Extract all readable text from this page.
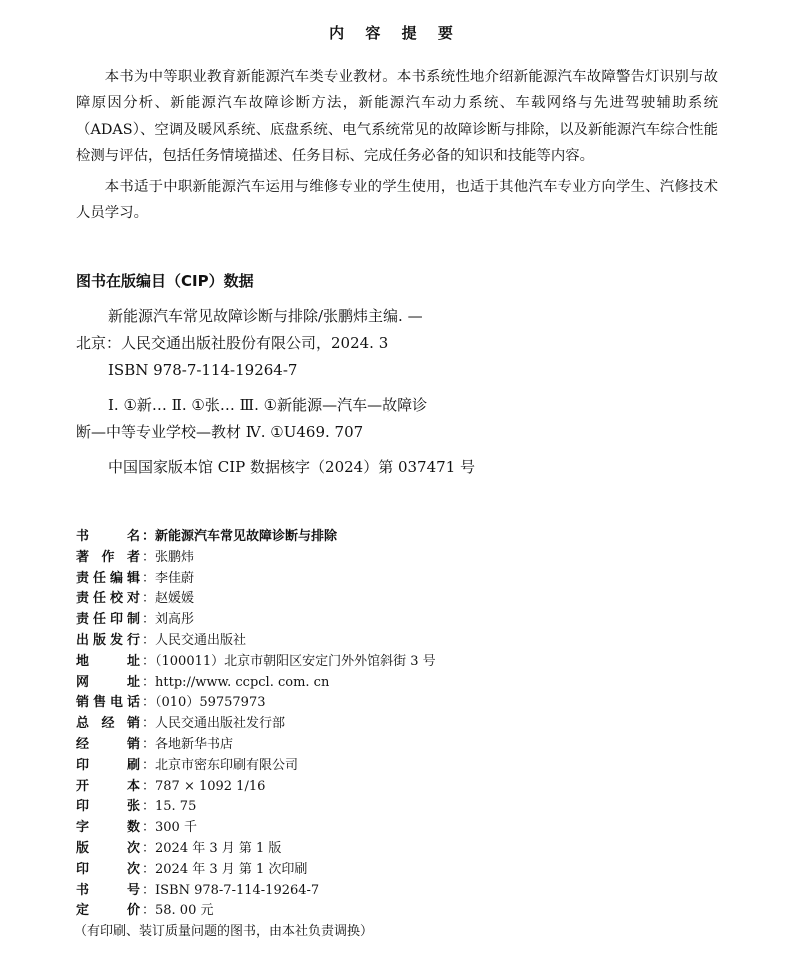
内 容 提 要

本书为中等职业教育新能源汽车类专业教材。本书系统性地介绍新能源汽车故障警告灯识别与故障原因分析、新能源汽车故障诊断方法，新能源汽车动力系统、车载网络与先进驾驶辅助系统（ADAS）、空调及暖风系统、底盘系统、电气系统常见的故障诊断与排除，以及新能源汽车综合性能检测与评估，包括任务情境描述、任务目标、完成任务必备的知识和技能等内容。

本书适于中职新能源汽车运用与维修专业的学生使用，也适于其他汽车专业方向学生、汽修技术人员学习。

图书在版编目（CIP）数据
新能源汽车常见故障诊断与排除/张鹏炜主编. —
北京：人民交通出版社股份有限公司，2024. 3
ISBN 978-7-114-19264-7
Ⅰ. ①新… Ⅱ. ①张… Ⅲ. ①新能源—汽车—故障诊
断—中等专业学校—教材 Ⅳ. ①U469. 707
中国国家版本馆 CIP 数据核字（2024）第 037471 号
书	名 ：新能源汽车常见故障诊断与排除
著 作 者 ：张鹏炜
责 任 编 辑 ：李佳蔚
责 任 校 对 ：赵媛媛
责 任 印 制 ：刘高彤
出 版 发 行 ：人民交通出版社
地	址 ：（100011）北京市朝阳区安定门外外馆斜街 3 号
网	址 ：http://www. ccpcl. com. cn
销 售 电 话 ：（010）59757973
总 经 销 ：人民交通出版社发行部
经	销 ：各地新华书店
印	刷 ：北京市密东印刷有限公司
开	本 ：787 × 1092 1/16
印	张 ：15. 75
字	数 ：300 千
版	次 ：2024 年 3 月 第 1 版
印	次 ：2024 年 3 月 第 1 次印刷
书	号 ：ISBN 978-7-114-19264-7
定	价 ：58. 00 元
（有印刷、装订质量问题的图书，由本社负责调换）
